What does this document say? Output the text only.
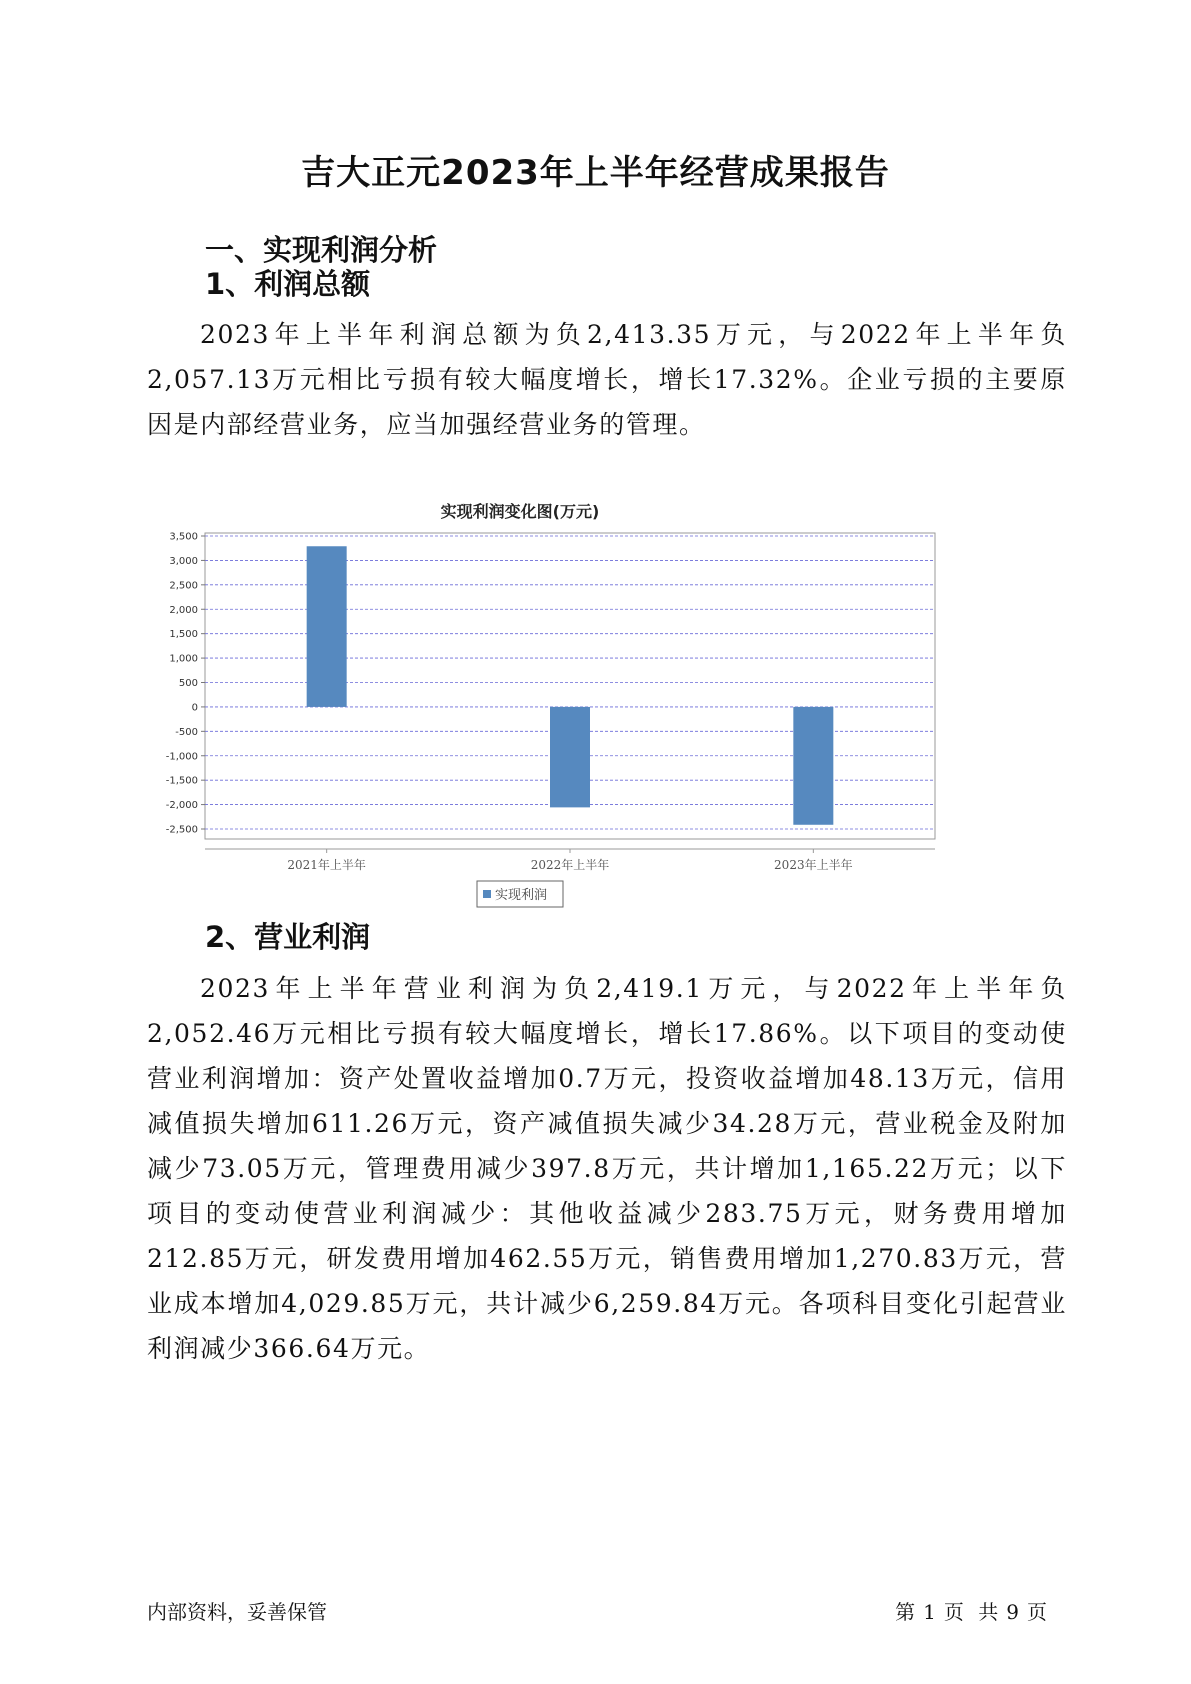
吉大正元2023年上半年经营成果报告
一、实现利润分析
1、利润总额

2023年上半年利润总额为负2,413.35万元，与2022年上半年负2,057.13万元相比亏损有较大幅度增长，增长17.32%。企业亏损的主要原因是内部经营业务，应当加强经营业务的管理。

实现利润变化图(万元)
3,500
3,000
2,500
2,000
1,500
1,000
500
0
-500
-1,000
-1,500
-2,000
-2,500
2021年上半年	2022年上半年	2023年上半年
实现利润
2、营业利润

2023年上半年营业利润为负2,419.1万元，与2022年上半年负2,052.46万元相比亏损有较大幅度增长，增长17.86%。以下项目的变动使营业利润增加：资产处置收益增加0.7万元，投资收益增加48.13万元，信用减值损失增加611.26万元，资产减值损失减少34.28万元，营业税金及附加减少73.05万元，管理费用减少397.8万元，共计增加1,165.22万元；以下项目的变动使营业利润减少：其他收益减少283.75万元，财务费用增加212.85万元，研发费用增加462.55万元，销售费用增加1,270.83万元，营业成本增加4,029.85万元，共计减少6,259.84万元。各项科目变化引起营业利润减少366.64万元。

内部资料，妥善保管	第 1 页 共 9 页
